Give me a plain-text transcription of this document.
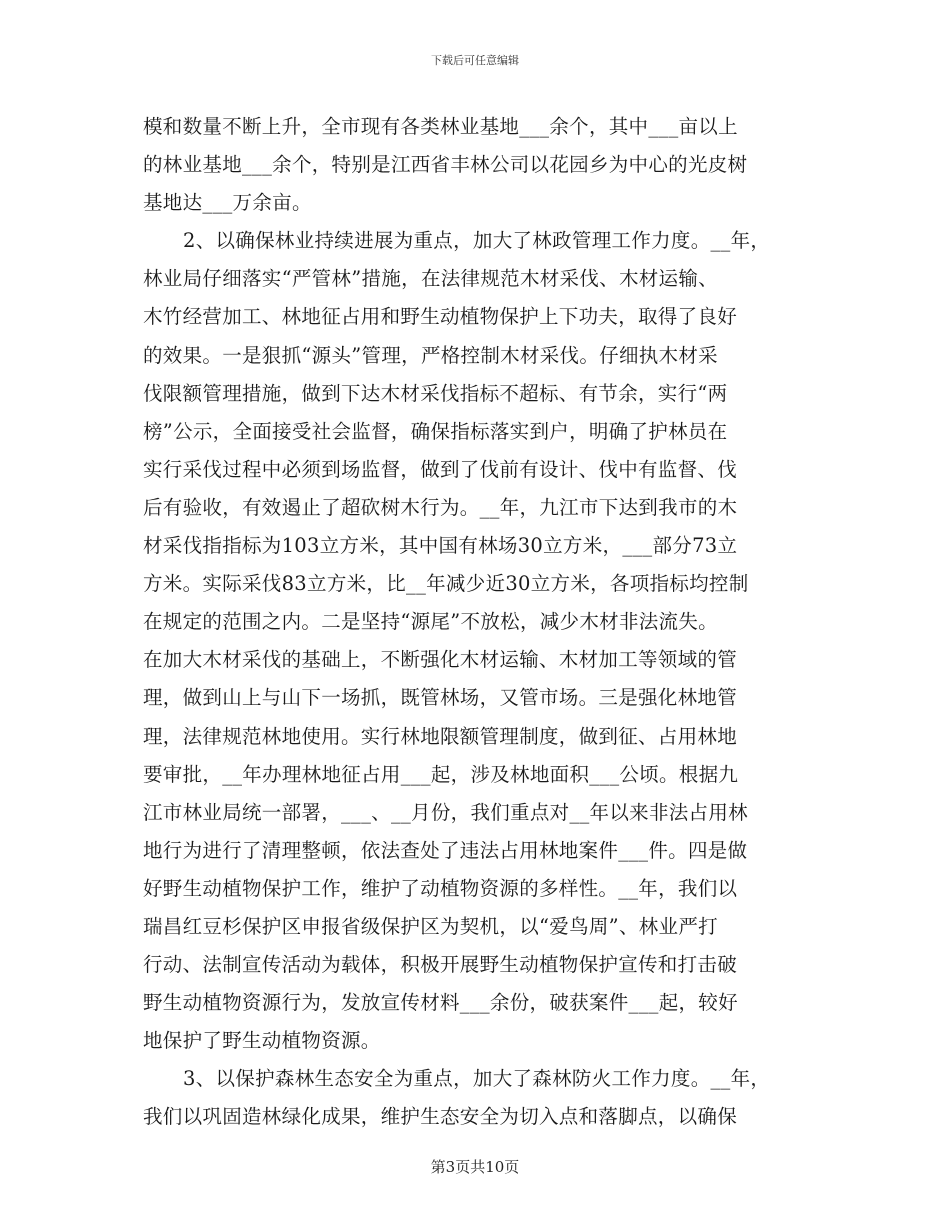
下载后可任意编辑
模和数量不断上升，全市现有各类林业基地___余个，其中___亩以上
的林业基地___余个，特别是江西省丰林公司以花园乡为中心的光皮树
基地达___万余亩。
2、以确保林业持续进展为重点，加大了林政管理工作力度。__年，
林业局仔细落实“严管林”措施，在法律规范木材采伐、木材运输、
木竹经营加工、林地征占用和野生动植物保护上下功夫，取得了良好
的效果。一是狠抓“源头”管理，严格控制木材采伐。仔细执木材采
伐限额管理措施，做到下达木材采伐指标不超标、有节余，实行“两
榜”公示，全面接受社会监督，确保指标落实到户，明确了护林员在
实行采伐过程中必须到场监督，做到了伐前有设计、伐中有监督、伐
后有验收，有效遏止了超砍树木行为。__年，九江市下达到我市的木
材采伐指指标为103立方米，其中国有林场30立方米，___部分73立
方米。实际采伐83立方米，比__年减少近30立方米，各项指标均控制
在规定的范围之内。二是坚持“源尾”不放松，减少木材非法流失。
在加大木材采伐的基础上，不断强化木材运输、木材加工等领域的管
理，做到山上与山下一场抓，既管林场，又管市场。三是强化林地管
理，法律规范林地使用。实行林地限额管理制度，做到征、占用林地
要审批，__年办理林地征占用___起，涉及林地面积___公顷。根据九
江市林业局统一部署，___、__月份，我们重点对__年以来非法占用林
地行为进行了清理整顿，依法查处了违法占用林地案件___件。四是做
好野生动植物保护工作，维护了动植物资源的多样性。__年，我们以
瑞昌红豆杉保护区申报省级保护区为契机，以“爱鸟周”、林业严打
行动、法制宣传活动为载体，积极开展野生动植物保护宣传和打击破
野生动植物资源行为，发放宣传材料___余份，破获案件___起，较好
地保护了野生动植物资源。
3、以保护森林生态安全为重点，加大了森林防火工作力度。__年，
我们以巩固造林绿化成果，维护生态安全为切入点和落脚点，以确保
第3页共10页
